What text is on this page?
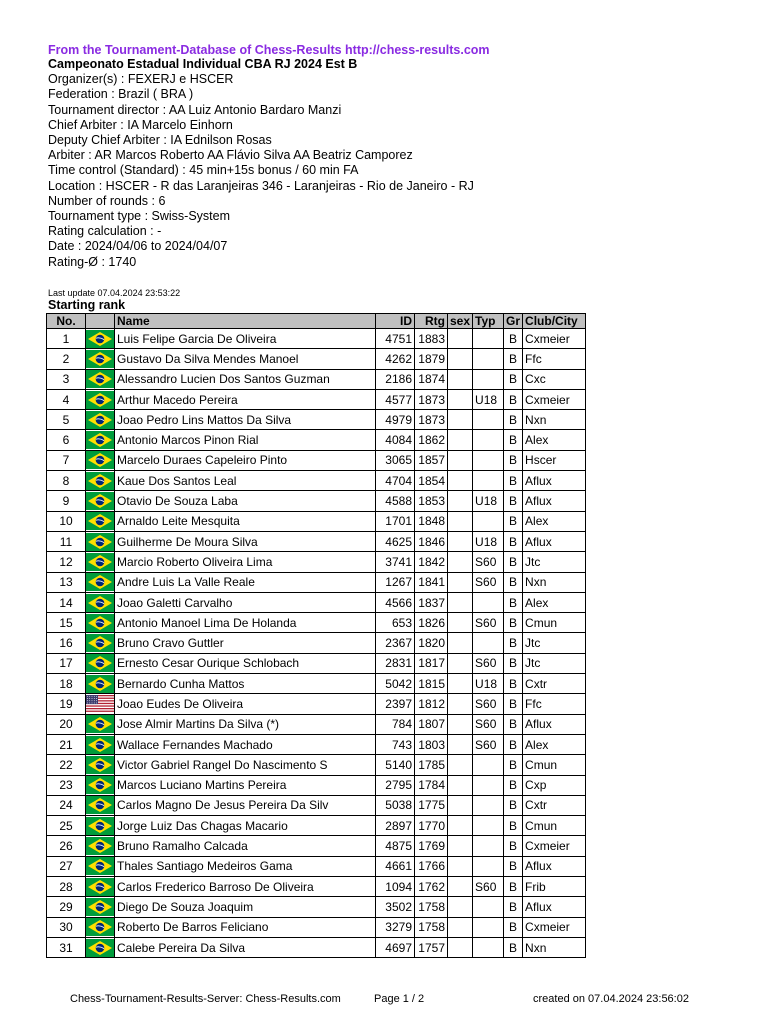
From the Tournament-Database of Chess-Results http://chess-results.com
Campeonato Estadual Individual CBA RJ 2024 Est B
Organizer(s) : FEXERJ e HSCER
Federation : Brazil ( BRA )
Tournament director : AA Luiz Antonio Bardaro Manzi
Chief Arbiter : IA Marcelo Einhorn
Deputy Chief Arbiter : IA Ednilson Rosas
Arbiter : AR Marcos Roberto AA Flávio Silva AA Beatriz Camporez
Time control (Standard) : 45 min+15s bonus / 60 min FA
Location : HSCER - R das Laranjeiras 346 - Laranjeiras - Rio de Janeiro - RJ
Number of rounds : 6
Tournament type : Swiss-System
Rating calculation : -
Date : 2024/04/06 to 2024/04/07
Rating-Ø : 1740
Last update 07.04.2024 23:53:22
Starting rank
No.		Name	ID	Rtg	sex	Typ	Gr	Club/City
1		Luis Felipe Garcia De Oliveira	4751	1883			B	Cxmeier
2		Gustavo Da Silva Mendes Manoel	4262	1879			B	Ffc
3		Alessandro Lucien Dos Santos Guzman	2186	1874			B	Cxc
4		Arthur Macedo Pereira	4577	1873		U18	B	Cxmeier
5		Joao Pedro Lins Mattos Da Silva	4979	1873			B	Nxn
6		Antonio Marcos Pinon Rial	4084	1862			B	Alex
7		Marcelo Duraes Capeleiro Pinto	3065	1857			B	Hscer
8		Kaue Dos Santos Leal	4704	1854			B	Aflux
9		Otavio De Souza Laba	4588	1853		U18	B	Aflux
10		Arnaldo Leite Mesquita	1701	1848			B	Alex
11		Guilherme De Moura Silva	4625	1846		U18	B	Aflux
12		Marcio Roberto Oliveira Lima	3741	1842		S60	B	Jtc
13		Andre Luis La Valle Reale	1267	1841		S60	B	Nxn
14		Joao Galetti Carvalho	4566	1837			B	Alex
15		Antonio Manoel Lima De Holanda	653	1826		S60	B	Cmun
16		Bruno Cravo Guttler	2367	1820			B	Jtc
17		Ernesto Cesar Ourique Schlobach	2831	1817		S60	B	Jtc
18		Bernardo Cunha Mattos	5042	1815		U18	B	Cxtr
19		Joao Eudes De Oliveira	2397	1812		S60	B	Ffc
20		Jose Almir Martins Da Silva (*)	784	1807		S60	B	Aflux
21		Wallace Fernandes Machado	743	1803		S60	B	Alex
22		Victor Gabriel Rangel Do Nascimento S	5140	1785			B	Cmun
23		Marcos Luciano Martins Pereira	2795	1784			B	Cxp
24		Carlos Magno De Jesus Pereira Da Silv	5038	1775			B	Cxtr
25		Jorge Luiz Das Chagas Macario	2897	1770			B	Cmun
26		Bruno Ramalho Calcada	4875	1769			B	Cxmeier
27		Thales Santiago Medeiros Gama	4661	1766			B	Aflux
28		Carlos Frederico Barroso De Oliveira	1094	1762		S60	B	Frib
29		Diego De Souza Joaquim	3502	1758			B	Aflux
30		Roberto De Barros Feliciano	3279	1758			B	Cxmeier
31		Calebe Pereira Da Silva	4697	1757			B	Nxn
Chess-Tournament-Results-Server: Chess-Results.com	Page 1 / 2	created on 07.04.2024 23:56:02
